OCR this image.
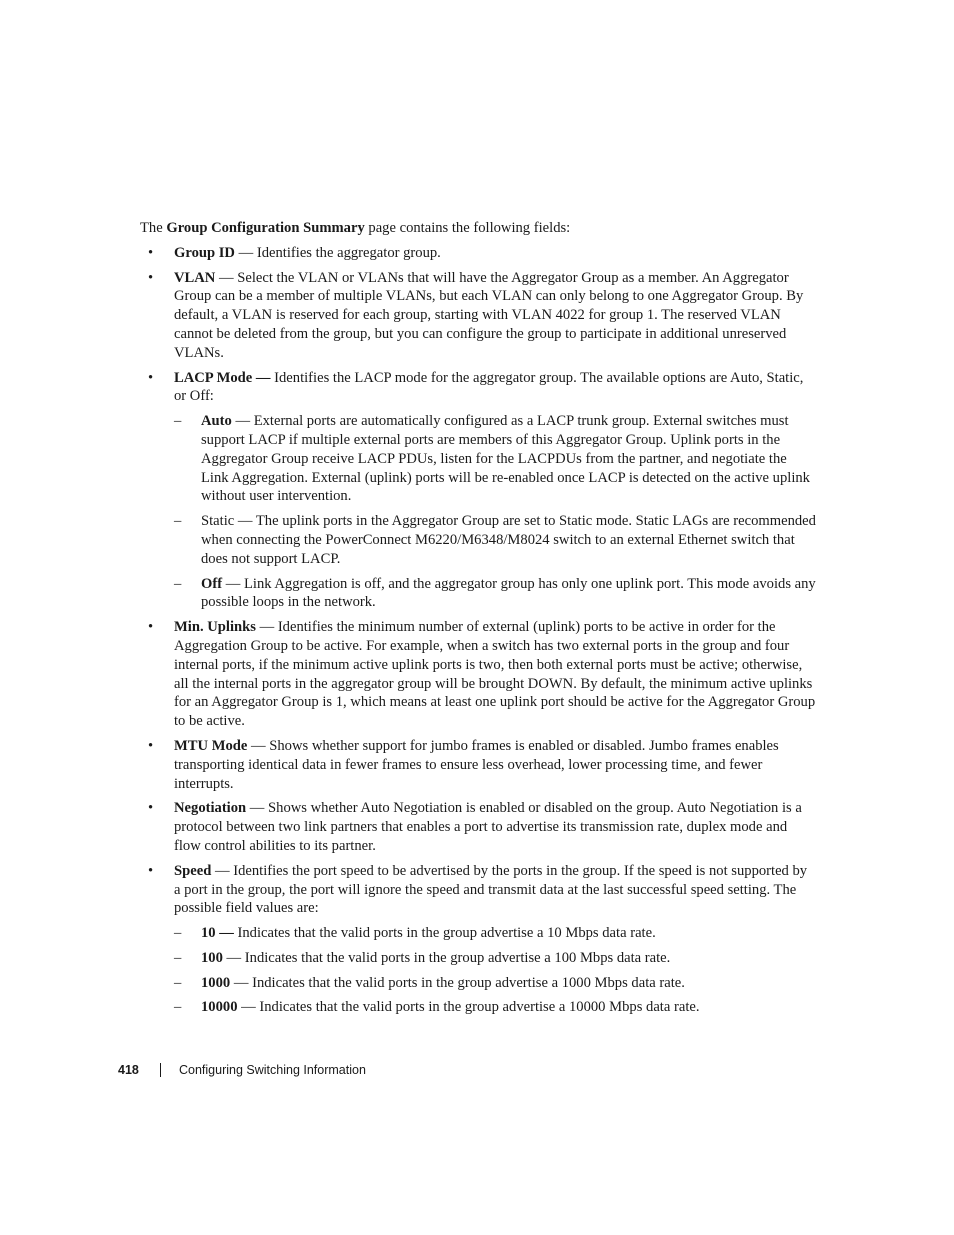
The Group Configuration Summary page contains the following fields:

• Group ID — Identifies the aggregator group.
• VLAN — Select the VLAN or VLANs that will have the Aggregator Group as a member. An Aggregator Group can be a member of multiple VLANs, but each VLAN can only belong to one Aggregator Group. By default, a VLAN is reserved for each group, starting with VLAN 4022 for group 1. The reserved VLAN cannot be deleted from the group, but you can configure the group to participate in additional unreserved VLANs.
• LACP Mode — Identifies the LACP mode for the aggregator group. The available options are Auto, Static, or Off:
– Auto — External ports are automatically configured as a LACP trunk group. External switches must support LACP if multiple external ports are members of this Aggregator Group. Uplink ports in the Aggregator Group receive LACP PDUs, listen for the LACPDUs from the partner, and negotiate the Link Aggregation. External (uplink) ports will be re-enabled once LACP is detected on the active uplink without user intervention.
– Static — The uplink ports in the Aggregator Group are set to Static mode. Static LAGs are recommended when connecting the PowerConnect M6220/M6348/M8024 switch to an external Ethernet switch that does not support LACP.
– Off — Link Aggregation is off, and the aggregator group has only one uplink port. This mode avoids any possible loops in the network.
• Min. Uplinks — Identifies the minimum number of external (uplink) ports to be active in order for the Aggregation Group to be active. For example, when a switch has two external ports in the group and four internal ports, if the minimum active uplink ports is two, then both external ports must be active; otherwise, all the internal ports in the aggregator group will be brought DOWN. By default, the minimum active uplinks for an Aggregator Group is 1, which means at least one uplink port should be active for the Aggregator Group to be active.
• MTU Mode — Shows whether support for jumbo frames is enabled or disabled. Jumbo frames enables transporting identical data in fewer frames to ensure less overhead, lower processing time, and fewer interrupts.
• Negotiation — Shows whether Auto Negotiation is enabled or disabled on the group. Auto Negotiation is a protocol between two link partners that enables a port to advertise its transmission rate, duplex mode and flow control abilities to its partner.
• Speed — Identifies the port speed to be advertised by the ports in the group. If the speed is not supported by a port in the group, the port will ignore the speed and transmit data at the last successful speed setting. The possible field values are:
– 10 — Indicates that the valid ports in the group advertise a 10 Mbps data rate.
– 100 — Indicates that the valid ports in the group advertise a 100 Mbps data rate.
– 1000 — Indicates that the valid ports in the group advertise a 1000 Mbps data rate.
– 10000 — Indicates that the valid ports in the group advertise a 10000 Mbps data rate.
418	Configuring Switching Information
